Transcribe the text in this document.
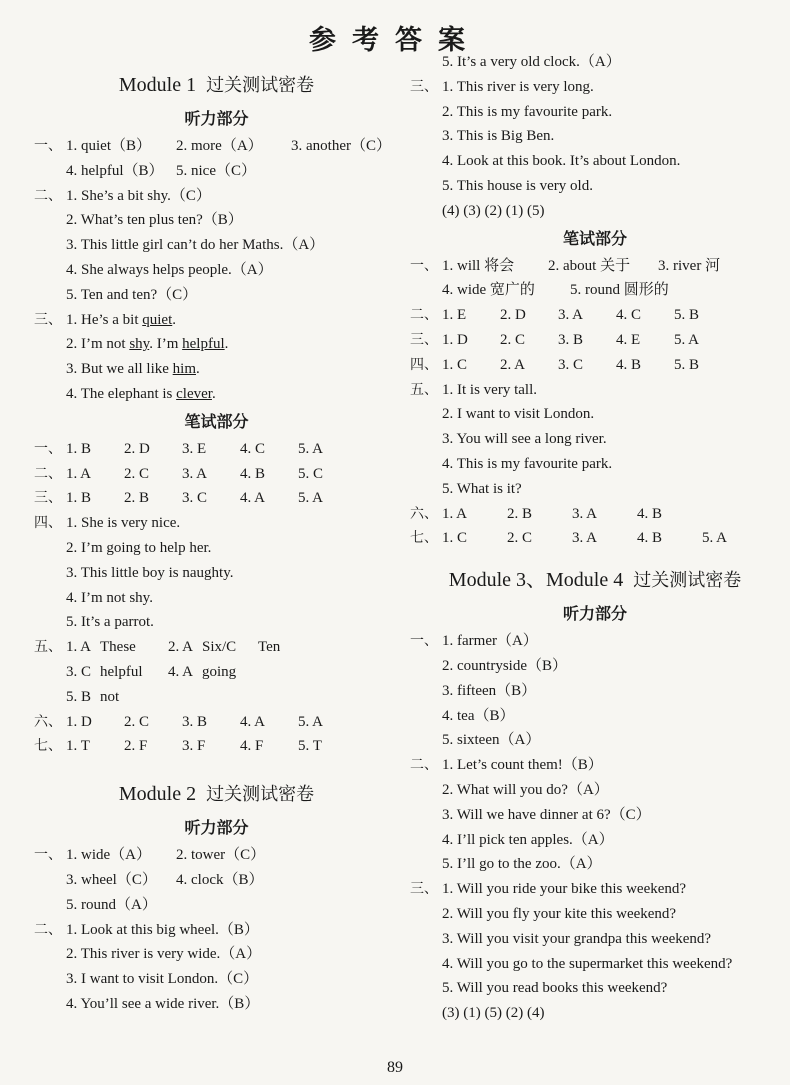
参考答案
Module 1 过关测试密卷
听力部分
一、 1. quiet（B） 2. more（A） 3. another（C）
4. helpful（B） 5. nice（C）
二、 1. She’s a bit shy.（C）
2. What’s ten plus ten?（B）
3. This little girl can’t do her Maths.（A）
4. She always helps people.（A）
5. Ten and ten?（C）
三、 1. He’s a bit quiet.
2. I’m not shy. I’m helpful.
3. But we all like him.
4. The elephant is clever.
笔试部分
一、 1. B 2. D 3. E 4. C 5. A
二、 1. A 2. C 3. A 4. B 5. C
三、 1. B 2. B 3. C 4. A 5. A
四、 1. She is very nice.
2. I’m going to help her.
3. This little boy is naughty.
4. I’m not shy.
5. It’s a parrot.
五、 1. A These 2. A Six/C Ten
3. C helpful 4. A going
5. B not
六、 1. D 2. C 3. B 4. A 5. A
七、 1. T 2. F 3. F 4. F 5. T
Module 2 过关测试密卷
听力部分
一、 1. wide（A） 2. tower（C）
3. wheel（C） 4. clock（B）
5. round（A）
二、 1. Look at this big wheel.（B）
2. This river is very wide.（A）
3. I want to visit London.（C）
4. You’ll see a wide river.（B）
5. It’s a very old clock.（A）
三、 1. This river is very long.
2. This is my favourite park.
3. This is Big Ben.
4. Look at this book. It’s about London.
5. This house is very old.
(4) (3) (2) (1) (5)
笔试部分
一、 1. will 将会 2. about 关于 3. river 河
4. wide 宽广的 5. round 圆形的
二、 1. E 2. D 3. A 4. C 5. B
三、 1. D 2. C 3. B 4. E 5. A
四、 1. C 2. A 3. C 4. B 5. B
五、 1. It is very tall.
2. I want to visit London.
3. You will see a long river.
4. This is my favourite park.
5. What is it?
六、 1. A	2. B	3. A	4. B
七、 1. C	2. C	3. A	4. B	5. A
Module 3、Module 4 过关测试密卷
听力部分
一、 1. farmer（A）
2. countryside（B）
3. fifteen（B）
4. tea（B）
5. sixteen（A）
二、 1. Let’s count them!（B）
2. What will you do?（A）
3. Will we have dinner at 6?（C）
4. I’ll pick ten apples.（A）
5. I’ll go to the zoo.（A）
三、 1. Will you ride your bike this weekend?
2. Will you fly your kite this weekend?
3. Will you visit your grandpa this weekend?
4. Will you go to the supermarket this weekend?
5. Will you read books this weekend?
(3) (1) (5) (2) (4)
89
